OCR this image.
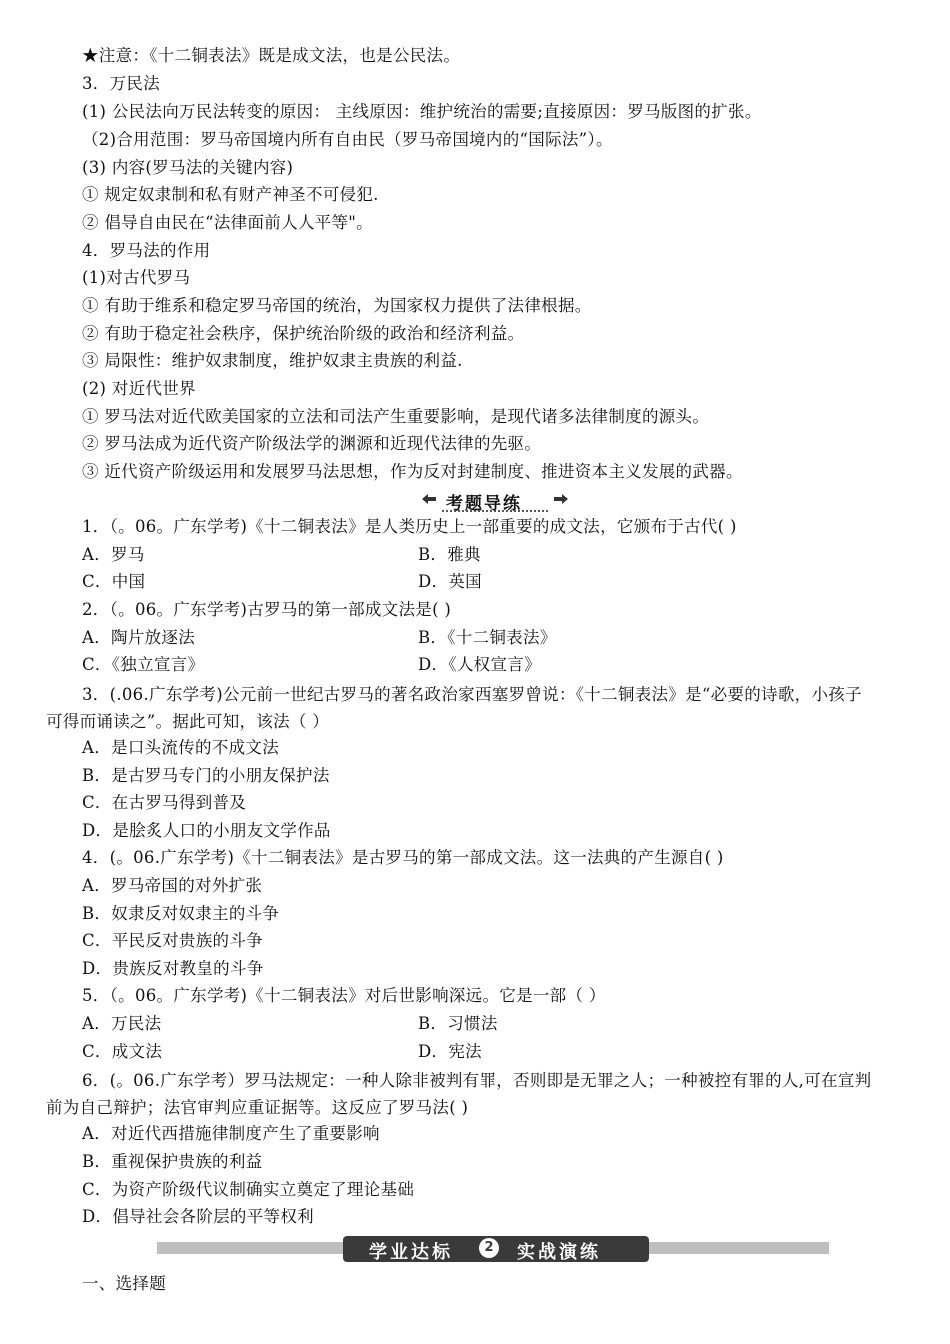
★注意：《十二铜表法》既是成文法，也是公民法。
3．万民法
(1) 公民法向万民法转变的原因： 主线原因：维护统治的需要;直接原因：罗马版图的扩张。
（2)合用范围：罗马帝国境内所有自由民（罗马帝国境内的“国际法”）。
(3) 内容(罗马法的关键内容)
① 规定奴隶制和私有财产神圣不可侵犯.
② 倡导自由民在“法律面前人人平等"。
4．罗马法的作用
(1)对古代罗马
① 有助于维系和稳定罗马帝国的统治，为国家权力提供了法律根据。
② 有助于稳定社会秩序，保护统治阶级的政治和经济利益。
③ 局限性：维护奴隶制度，维护奴隶主贵族的利益.
(2) 对近代世界
① 罗马法对近代欧美国家的立法和司法产生重要影响，是现代诸多法律制度的源头。
② 罗马法成为近代资产阶级法学的渊源和近现代法律的先驱。
③ 近代资产阶级运用和发展罗马法思想，作为反对封建制度、推进资本主义发展的武器。
考题导练
1．（。06。广东学考)《十二铜表法》是人类历史上一部重要的成文法，它颁布于古代( )
A．罗马	B．雅典
C．中国	D．英国
2．（。06。广东学考)古罗马的第一部成文法是( )
A．陶片放逐法	B．《十二铜表法》
C．《独立宣言》	D．《人权宣言》
3．(.06.广东学考)公元前一世纪古罗马的著名政治家西塞罗曾说：《十二铜表法》是“必要的诗歌，小孩子可得而诵读之”。据此可知，该法（ ）
A．是口头流传的不成文法
B．是古罗马专门的小朋友保护法
C．在古罗马得到普及
D．是脍炙人口的小朋友文学作品
4．(。06.广东学考)《十二铜表法》是古罗马的第一部成文法。这一法典的产生源自( )
A．罗马帝国的对外扩张
B．奴隶反对奴隶主的斗争
C．平民反对贵族的斗争
D．贵族反对教皇的斗争
5．（。06。广东学考)《十二铜表法》对后世影响深远。它是一部（ ）
A．万民法	B．习惯法
C．成文法	D．宪法
6．(。06.广东学考）罗马法规定：一种人除非被判有罪，否则即是无罪之人；一种被控有罪的人,可在宣判前为自己辩护；法官审判应重证据等。这反应了罗马法( )
A．对近代西措施律制度产生了重要影响
B．重视保护贵族的利益
C．为资产阶级代议制确实立奠定了理论基础
D．倡导社会各阶层的平等权利
学业达标	2	实战演练
一、选择题
